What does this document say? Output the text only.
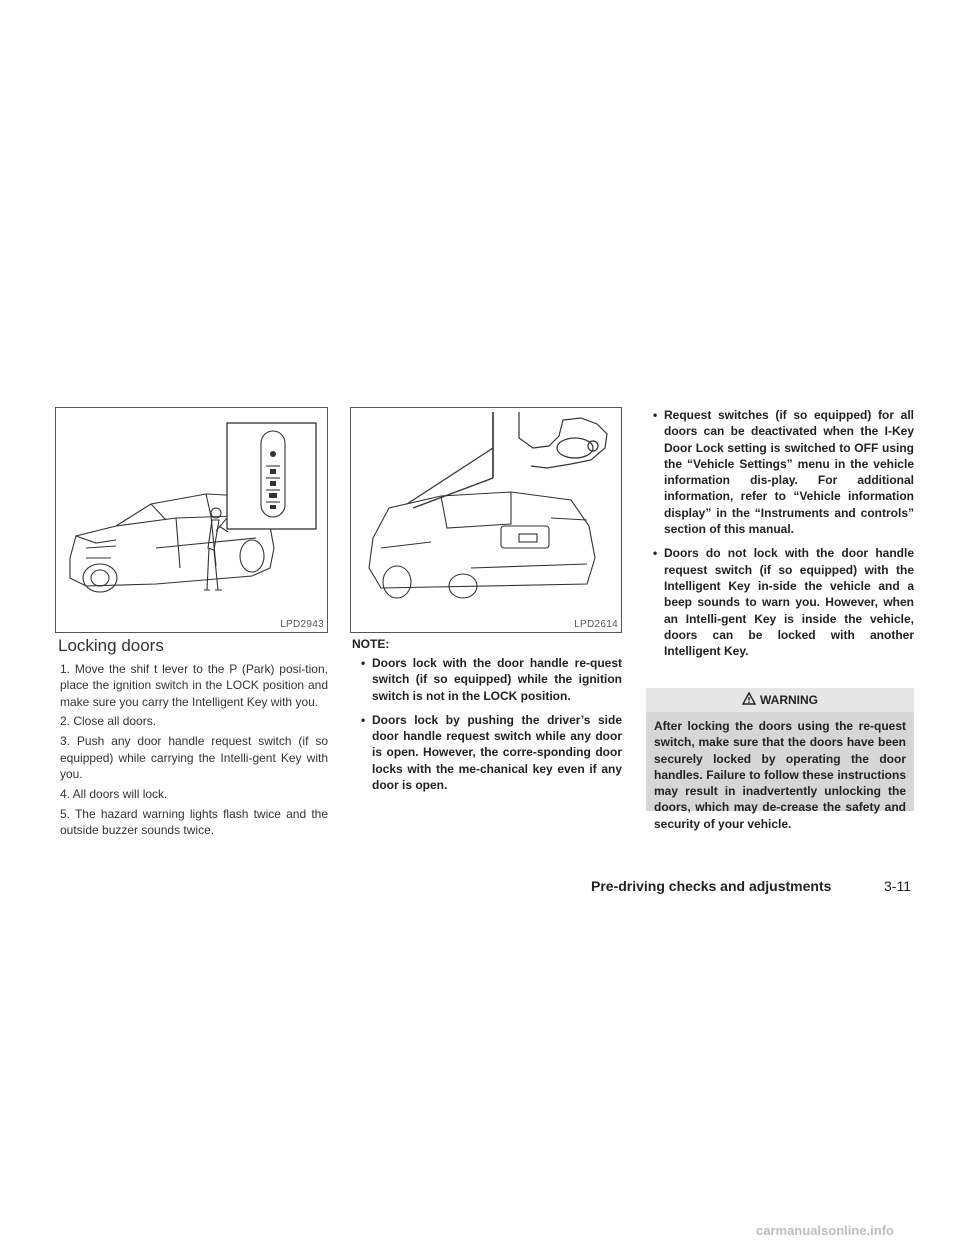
LPD2943	LPD2614
Locking doors
1. Move the shif t lever to the P (Park) posi-tion, place the ignition switch in the LOCK position and make sure you carry the Intelligent Key with you.
2. Close all doors.
3. Push any door handle request switch (if so equipped) while carrying the Intelli-gent Key with you.
4. All doors will lock.
5. The hazard warning lights flash twice and the outside buzzer sounds twice.
NOTE:
• Doors lock with the door handle re-quest switch (if so equipped) while the ignition switch is not in the LOCK position.
• Doors lock by pushing the driver’s side door handle request switch while any door is open. However, the corre-sponding door locks with the me-chanical key even if any door is open.
• Request switches (if so equipped) for all doors can be deactivated when the I-Key Door Lock setting is switched to OFF using the “Vehicle Settings” menu in the vehicle information dis-play. For additional information, refer to “Vehicle information display” in the “Instruments and controls” section of this manual.
• Doors do not lock with the door handle request switch (if so equipped) with the Intelligent Key in-side the vehicle and a beep sounds to warn you. However, when an Intelli-gent Key is inside the vehicle, doors can be locked with another Intelligent Key.
WARNING
After locking the doors using the re-quest switch, make sure that the doors have been securely locked by operating the door handles. Failure to follow these instructions may result in inadvertently unlocking the doors, which may de-crease the safety and security of your vehicle.
Pre-driving checks and adjustments	3-11
carmanualsonline.info
